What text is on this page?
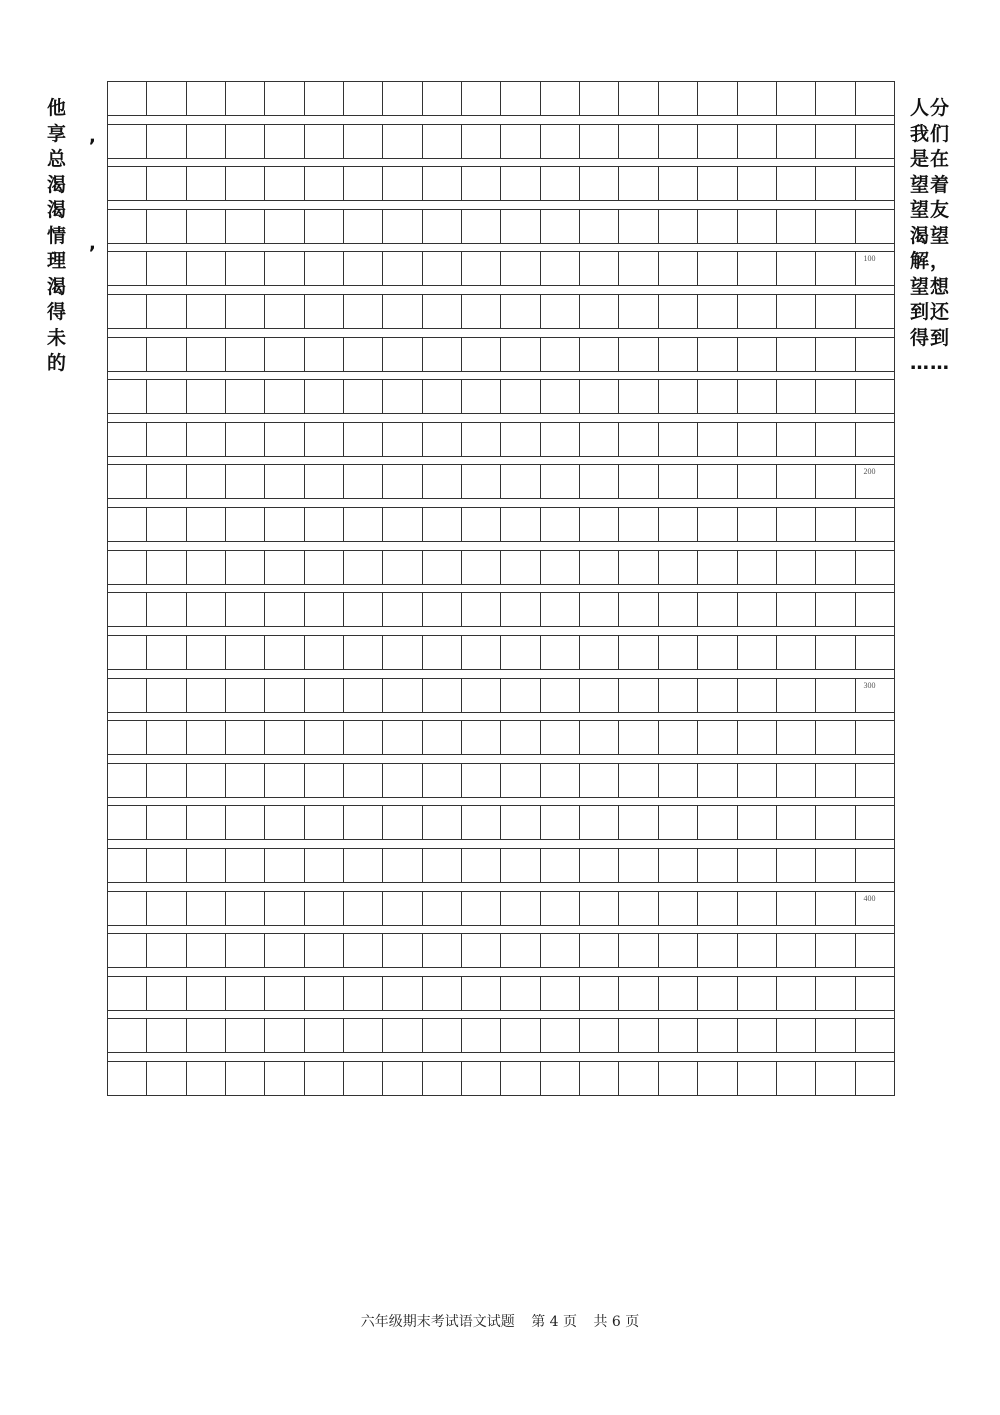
他
享
总
渴
渴
情
理
渴
得
未
的
,
,
100
200
300
400
人分
我们
是在
望着
望友
渴望
解，
望想
到还
得到
……
六年级期末考试语文试题 第 4 页 共 6 页
